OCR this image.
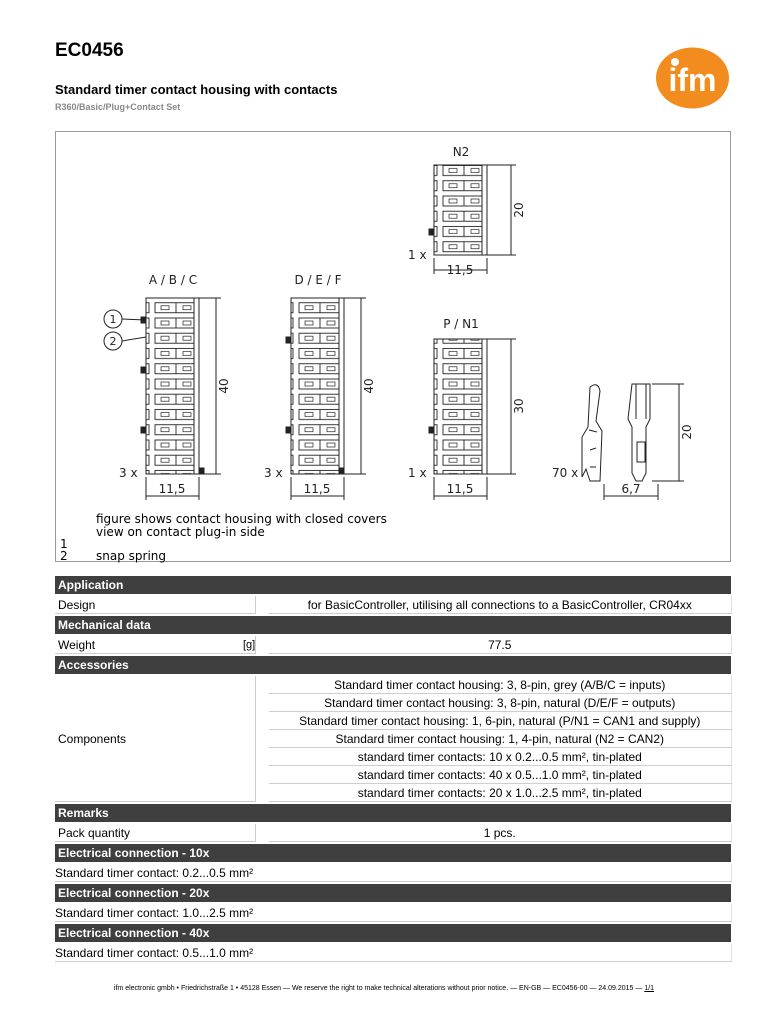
EC0456
Standard timer contact housing with contacts
R360/Basic/Plug+Contact Set
ifm
N2
A / B / C	D / E / F
P / N1
1 x
3 x	3 x	1 x	70 x
11,5	11,5
11,5
11,5	6,7
40	40
20
30
20
1
2
figure shows contact housing with closed covers
view on contact plug-in side
1
2 snap spring
Application			

Design			for BasicController, utilising all connections to a BasicController, CR04xx

Mechanical data			

Weight	[g]		77.5

Accessories			

Components			Standard timer contact housing: 3, 8-pin, grey (A/B/C = inputs)
			Standard timer contact housing: 3, 8-pin, natural (D/E/F = outputs)
			Standard timer contact housing: 1, 6-pin, natural (P/N1 = CAN1 and supply)
			Standard timer contact housing: 1, 4-pin, natural (N2 = CAN2)
			standard timer contacts: 10 x 0.2...0.5 mm², tin-plated
			standard timer contacts: 40 x 0.5...1.0 mm², tin-plated
			standard timer contacts: 20 x 1.0...2.5 mm², tin-plated

Remarks			

Pack quantity			1 pcs.

Electrical connection - 10x			

Standard timer contact: 0.2...0.5 mm²			

Electrical connection - 20x			

Standard timer contact: 1.0...2.5 mm²			

Electrical connection - 40x			

Standard timer contact: 0.5...1.0 mm²			
ifm electronic gmbh • Friedrichstraße 1 • 45128 Essen — We reserve the right to make technical alterations without prior notice. — EN-GB — EC0456-00 — 24.09.2015 — 1/1
